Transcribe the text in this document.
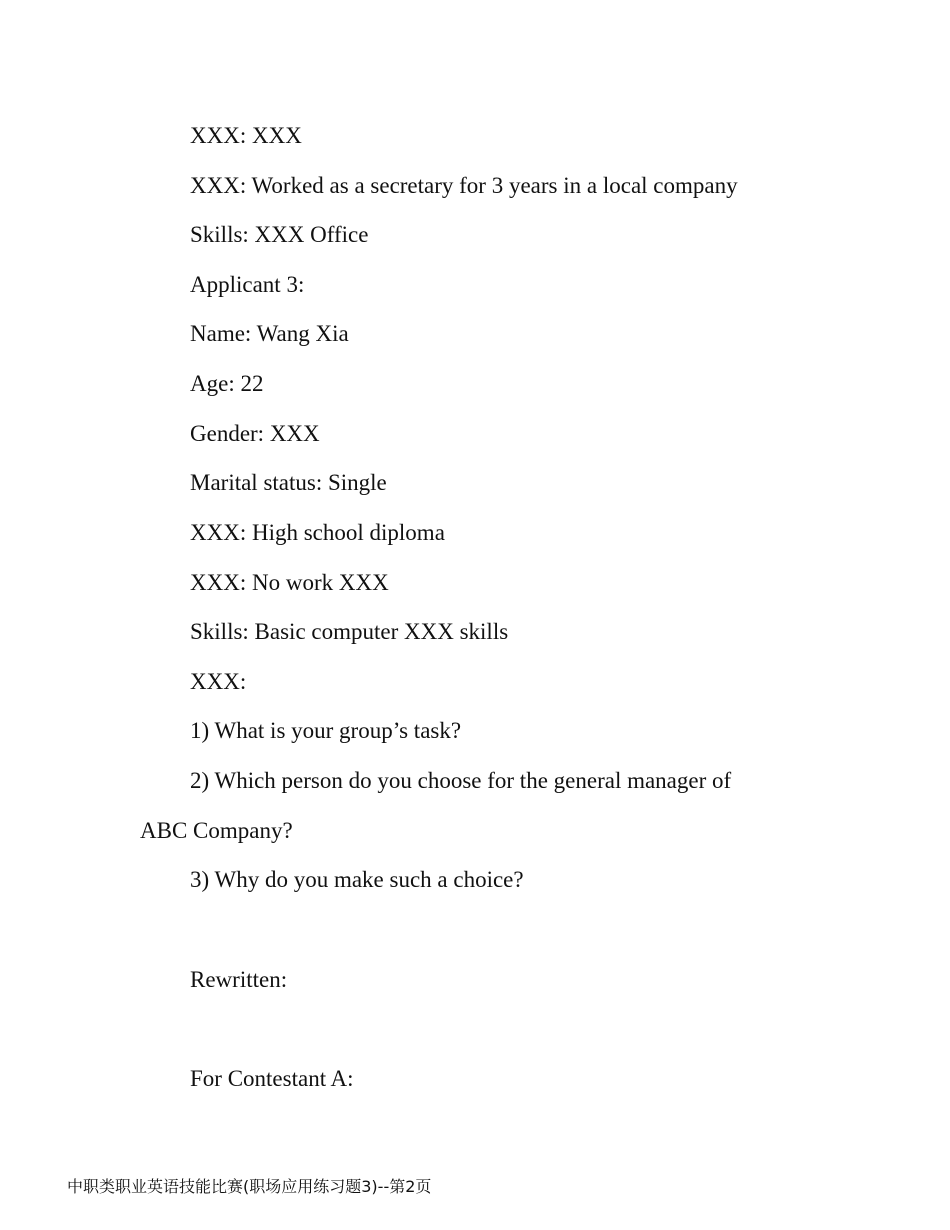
XXX: XXX

XXX: Worked as a secretary for 3 years in a local company

Skills: XXX Office

Applicant 3:

Name: Wang Xia

Age: 22

Gender: XXX

Marital status: Single

XXX: High school diploma

XXX: No work XXX

Skills: Basic computer XXX skills

XXX:

1) What is your group’s task?

2) Which person do you choose for the general manager of

ABC Company?

3) Why do you make such a choice?

Rewritten:

For Contestant A:

中职类职业英语技能比赛(职场应用练习题3)--第2页
